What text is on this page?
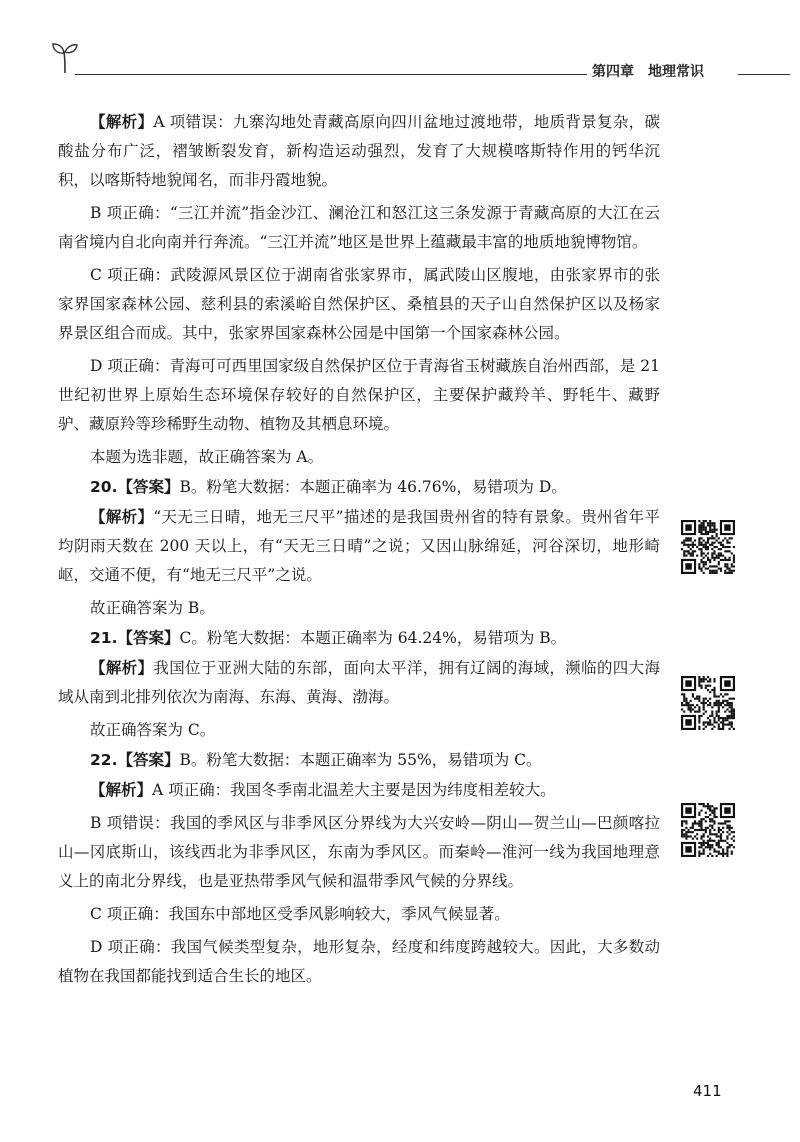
第四章 地理常识

【解析】A 项错误：九寨沟地处青藏高原向四川盆地过渡地带，地质背景复杂，碳酸盐分布广泛，褶皱断裂发育，新构造运动强烈，发育了大规模喀斯特作用的钙华沉积，以喀斯特地貌闻名，而非丹霞地貌。

B 项正确：“三江并流”指金沙江、澜沧江和怒江这三条发源于青藏高原的大江在云南省境内自北向南并行奔流。“三江并流”地区是世界上蕴藏最丰富的地质地貌博物馆。

C 项正确：武陵源风景区位于湖南省张家界市，属武陵山区腹地，由张家界市的张家界国家森林公园、慈利县的索溪峪自然保护区、桑植县的天子山自然保护区以及杨家界景区组合而成。其中，张家界国家森林公园是中国第一个国家森林公园。

D 项正确：青海可可西里国家级自然保护区位于青海省玉树藏族自治州西部，是 21 世纪初世界上原始生态环境保存较好的自然保护区，主要保护藏羚羊、野牦牛、藏野驴、藏原羚等珍稀野生动物、植物及其栖息环境。

本题为选非题，故正确答案为 A。

20.【答案】B。粉笔大数据：本题正确率为 46.76%，易错项为 D。

【解析】“天无三日晴，地无三尺平”描述的是我国贵州省的特有景象。贵州省年平均阴雨天数在 200 天以上，有“天无三日晴”之说；又因山脉绵延，河谷深切，地形崎岖，交通不便，有“地无三尺平”之说。

故正确答案为 B。

21.【答案】C。粉笔大数据：本题正确率为 64.24%，易错项为 B。

【解析】我国位于亚洲大陆的东部，面向太平洋，拥有辽阔的海域，濒临的四大海域从南到北排列依次为南海、东海、黄海、渤海。

故正确答案为 C。

22.【答案】B。粉笔大数据：本题正确率为 55%，易错项为 C。

【解析】A 项正确：我国冬季南北温差大主要是因为纬度相差较大。

B 项错误：我国的季风区与非季风区分界线为大兴安岭—阴山—贺兰山—巴颜喀拉山—冈底斯山，该线西北为非季风区，东南为季风区。而秦岭—淮河一线为我国地理意义上的南北分界线，也是亚热带季风气候和温带季风气候的分界线。

C 项正确：我国东中部地区受季风影响较大，季风气候显著。

D 项正确：我国气候类型复杂，地形复杂，经度和纬度跨越较大。因此，大多数动植物在我国都能找到适合生长的地区。

411
